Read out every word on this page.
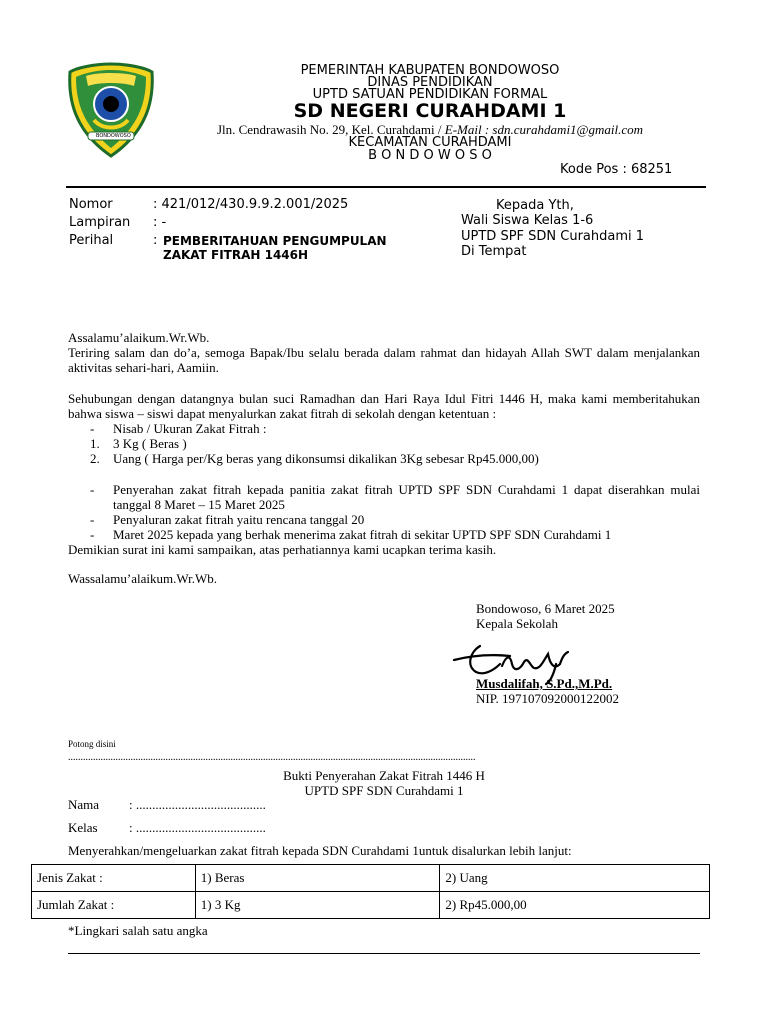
BONDOWOSO
PEMERINTAH KABUPATEN BONDOWOSO
DINAS PENDIDIKAN
UPTD SATUAN PENDIDIKAN FORMAL
SD NEGERI CURAHDAMI 1
Jln. Cendrawasih No. 29, Kel. Curahdami / E-Mail : sdn.curahdami1@gmail.com
KECAMATAN CURAHDAMI
B O N D O W O S O
Kode Pos : 68251
Nomor	: 421/012/430.9.9.2.001/2025
Lampiran : -
Perihal	: PEMBERITAHUAN PENGUMPULAN
ZAKAT FITRAH 1446H
Kepada Yth,
Wali Siswa Kelas 1-6
UPTD SPF SDN Curahdami 1
Di Tempat
Assalamu’alaikum.Wr.Wb.
Teriring salam dan do’a, semoga Bapak/Ibu selalu berada dalam rahmat dan hidayah Allah SWT dalam menjalankan aktivitas sehari-hari, Aamiin.
Sehubungan dengan datangnya bulan suci Ramadhan dan Hari Raya Idul Fitri 1446 H, maka kami memberitahukan bahwa siswa – siswi dapat menyalurkan zakat fitrah di sekolah dengan ketentuan :
- Nisab / Ukuran Zakat Fitrah :
1. 3 Kg ( Beras )
2. Uang ( Harga per/Kg beras yang dikonsumsi dikalikan 3Kg sebesar Rp45.000,00)
- Penyerahan zakat fitrah kepada panitia zakat fitrah UPTD SPF SDN Curahdami 1 dapat diserahkan mulai tanggal 8 Maret – 15 Maret 2025
- Penyaluran zakat fitrah yaitu rencana tanggal 20
- Maret 2025 kepada yang berhak menerima zakat fitrah di sekitar UPTD SPF SDN Curahdami 1
Demikian surat ini kami sampaikan, atas perhatiannya kami ucapkan terima kasih.
Wassalamu’alaikum.Wr.Wb.
Bondowoso, 6 Maret 2025
Kepala Sekolah
Musdalifah, S.Pd.,M.Pd.
NIP. 197107092000122002
Potong disini
...................................................................................................................................................................
Bukti Penyerahan Zakat Fitrah 1446 H
UPTD SPF SDN Curahdami 1
Nama : ........................................
Kelas : ........................................
Menyerahkan/mengeluarkan zakat fitrah kepada SDN Curahdami 1untuk disalurkan lebih lanjut:
Jenis Zakat :	1) Beras	2) Uang
Jumlah Zakat :	1) 3 Kg	2) Rp45.000,00
*Lingkari salah satu angka
